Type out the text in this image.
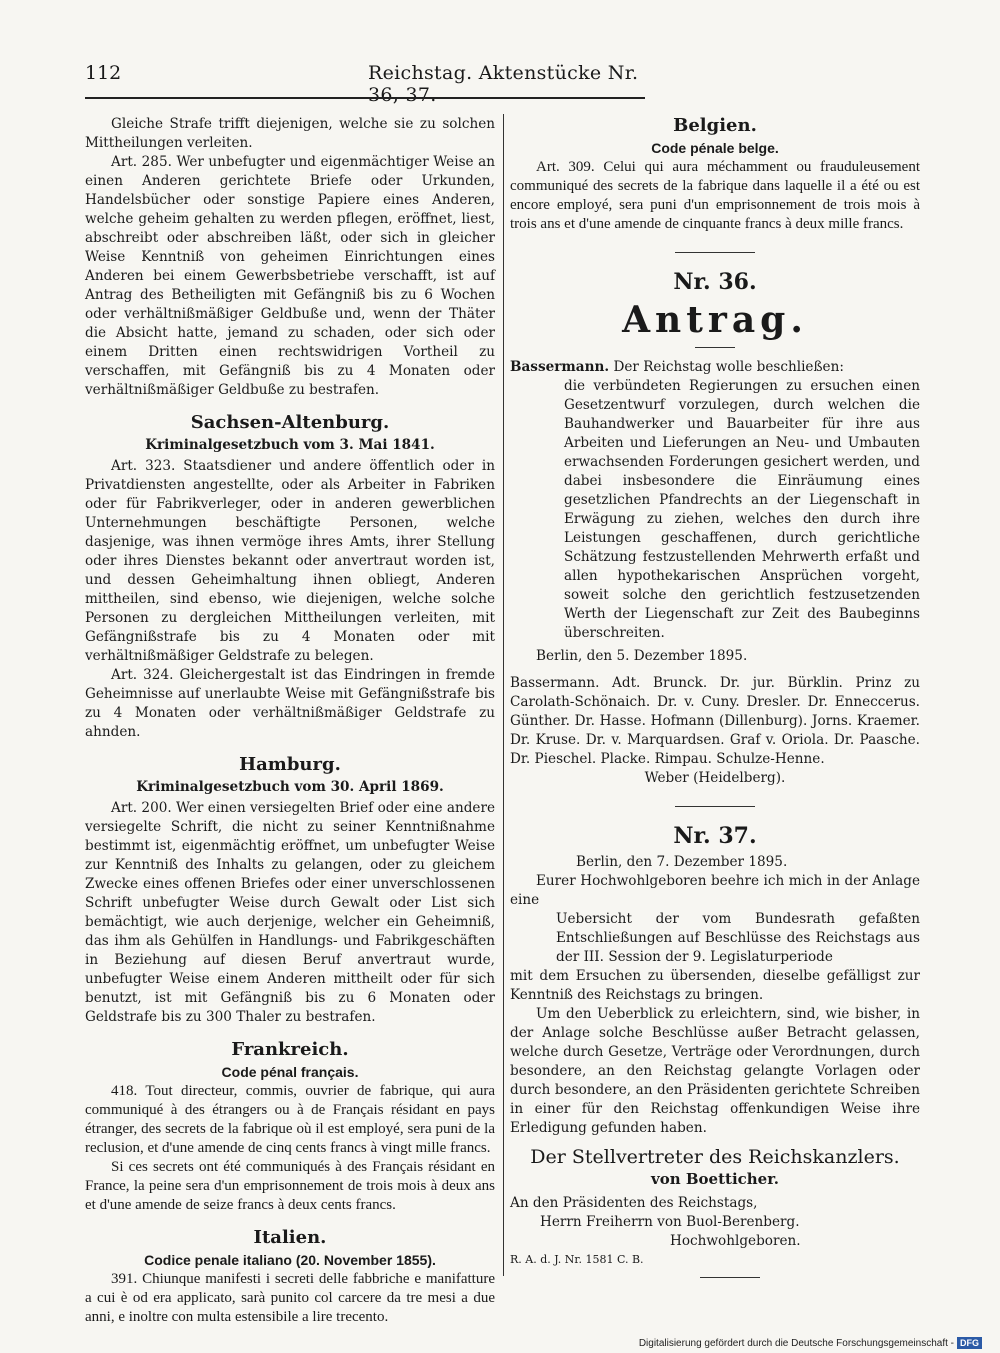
112	Reichstag. Aktenstücke Nr. 36, 37.

Gleiche Strafe trifft diejenigen, welche sie zu solchen Mittheilungen verleiten.

Art. 285. Wer unbefugter und eigenmächtiger Weise an einen Anderen gerichtete Briefe oder Urkunden, Handelsbücher oder sonstige Papiere eines Anderen, welche geheim gehalten zu werden pflegen, eröffnet, liest, abschreibt oder abschreiben läßt, oder sich in gleicher Weise Kenntniß von geheimen Einrichtungen eines Anderen bei einem Gewerbsbetriebe verschafft, ist auf Antrag des Betheiligten mit Gefängniß bis zu 6 Wochen oder verhältnißmäßiger Geldbuße und, wenn der Thäter die Absicht hatte, jemand zu schaden, oder sich oder einem Dritten einen rechtswidrigen Vortheil zu verschaffen, mit Gefängniß bis zu 4 Monaten oder verhältnißmäßiger Geldbuße zu bestrafen.

Sachsen-Altenburg.
Kriminalgesetzbuch vom 3. Mai 1841.

Art. 323. Staatsdiener und andere öffentlich oder in Privatdiensten angestellte, oder als Arbeiter in Fabriken oder für Fabrikverleger, oder in anderen gewerblichen Unternehmungen beschäftigte Personen, welche dasjenige, was ihnen vermöge ihres Amts, ihrer Stellung oder ihres Dienstes bekannt oder anvertraut worden ist, und dessen Geheimhaltung ihnen obliegt, Anderen mittheilen, sind ebenso, wie diejenigen, welche solche Personen zu dergleichen Mittheilungen verleiten, mit Gefängnißstrafe bis zu 4 Monaten oder mit verhältnißmäßiger Geldstrafe zu belegen.

Art. 324. Gleichergestalt ist das Eindringen in fremde Geheimnisse auf unerlaubte Weise mit Gefängnißstrafe bis zu 4 Monaten oder verhältnißmäßiger Geldstrafe zu ahnden.

Hamburg.
Kriminalgesetzbuch vom 30. April 1869.

Art. 200. Wer einen versiegelten Brief oder eine andere versiegelte Schrift, die nicht zu seiner Kenntnißnahme bestimmt ist, eigenmächtig eröffnet, um unbefugter Weise zur Kenntniß des Inhalts zu gelangen, oder zu gleichem Zwecke eines offenen Briefes oder einer unverschlossenen Schrift unbefugter Weise durch Gewalt oder List sich bemächtigt, wie auch derjenige, welcher ein Geheimniß, das ihm als Gehülfen in Handlungs- und Fabrikgeschäften in Beziehung auf diesen Beruf anvertraut wurde, unbefugter Weise einem Anderen mittheilt oder für sich benutzt, ist mit Gefängniß bis zu 6 Monaten oder Geldstrafe bis zu 300 Thaler zu bestrafen.

Frankreich.
Code pénal français.

418. Tout directeur, commis, ouvrier de fabrique, qui aura communiqué à des étrangers ou à de Français résidant en pays étranger, des secrets de la fabrique où il est employé, sera puni de la reclusion, et d'une amende de cinq cents francs à vingt mille francs.

Si ces secrets ont été communiqués à des Français résidant en France, la peine sera d'un emprisonnement de trois mois à deux ans et d'une amende de seize francs à deux cents francs.

Italien.
Codice penale italiano (20. November 1855).

391. Chiunque manifesti i secreti delle fabbriche e manifatture a cui è od era applicato, sarà punito col carcere da tre mesi a due anni, e inoltre con multa estensibile a lire trecento.

Belgien.
Code pénale belge.

Art. 309. Celui qui aura méchamment ou frauduleusement communiqué des secrets de la fabrique dans laquelle il a été ou est encore employé, sera puni d'un emprisonnement de trois mois à trois ans et d'une amende de cinquante francs à deux mille francs.

Nr. 36.
Antrag.

Bassermann. Der Reichstag wolle beschließen:

die verbündeten Regierungen zu ersuchen einen Gesetzentwurf vorzulegen, durch welchen die Bauhandwerker und Bauarbeiter für ihre aus Arbeiten und Lieferungen an Neu- und Umbauten erwachsenden Forderungen gesichert werden, und dabei insbesondere die Einräumung eines gesetzlichen Pfandrechts an der Liegenschaft in Erwägung zu ziehen, welches den durch ihre Leistungen geschaffenen, durch gerichtliche Schätzung festzustellenden Mehrwerth erfaßt und allen hypothekarischen Ansprüchen vorgeht, soweit solche den gerichtlich festzusetzenden Werth der Liegenschaft zur Zeit des Baubeginns überschreiten.

Berlin, den 5. Dezember 1895.

Bassermann. Adt. Brunck. Dr. jur. Bürklin. Prinz zu Carolath-Schönaich. Dr. v. Cuny. Dresler. Dr. Enneccerus. Günther. Dr. Hasse. Hofmann (Dillenburg). Jorns. Kraemer. Dr. Kruse. Dr. v. Marquardsen. Graf v. Oriola. Dr. Paasche. Dr. Pieschel. Placke. Rimpau. Schulze-Henne.

Weber (Heidelberg).

Nr. 37.

Berlin, den 7. Dezember 1895.

Eurer Hochwohlgeboren beehre ich mich in der Anlage eine

Uebersicht der vom Bundesrath gefaßten Entschließungen auf Beschlüsse des Reichstags aus der III. Session der 9. Legislaturperiode

mit dem Ersuchen zu übersenden, dieselbe gefälligst zur Kenntniß des Reichstags zu bringen.

Um den Ueberblick zu erleichtern, sind, wie bisher, in der Anlage solche Beschlüsse außer Betracht gelassen, welche durch Gesetze, Verträge oder Verordnungen, durch besondere, an den Reichstag gelangte Vorlagen oder durch besondere, an den Präsidenten gerichtete Schreiben in einer für den Reichstag offenkundigen Weise ihre Erledigung gefunden haben.

Der Stellvertreter des Reichskanzlers.
von Boetticher.

An den Präsidenten des Reichstags,

Herrn Freiherrn von Buol-Berenberg.

Hochwohlgeboren.

R. A. d. J. Nr. 1581 C. B.

Digitalisierung gefördert durch die Deutsche Forschungsgemeinschaft - DFG
